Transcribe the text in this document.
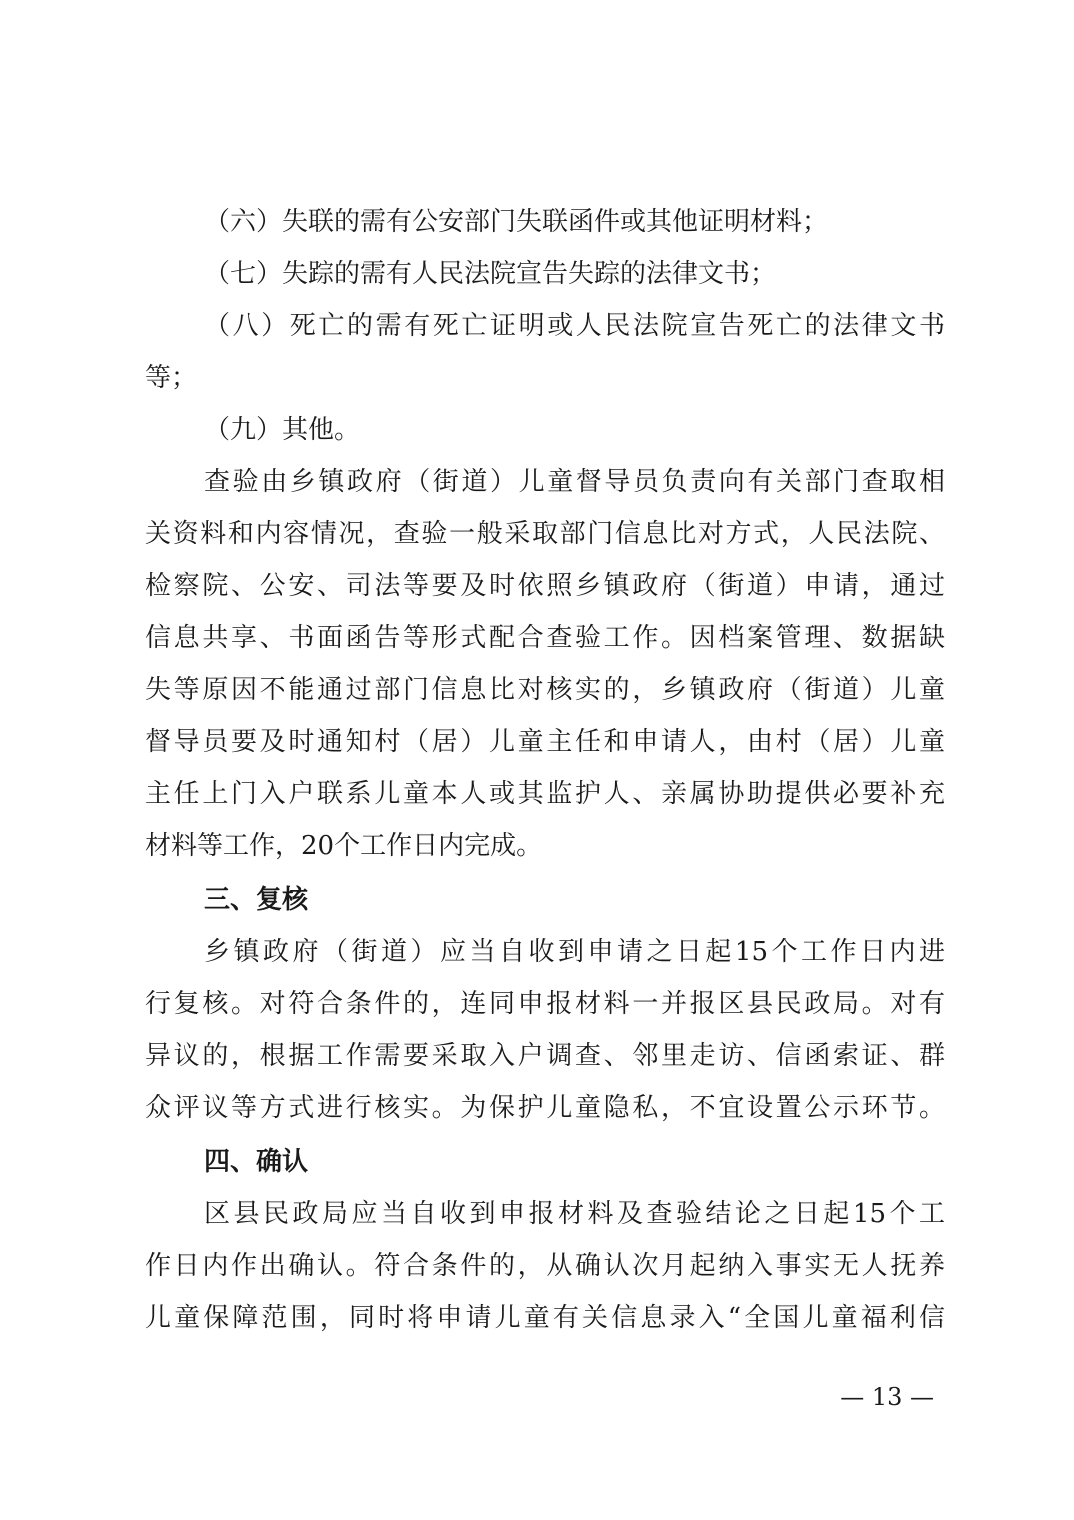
（六）失联的需有公安部门失联函件或其他证明材料；
（七）失踪的需有人民法院宣告失踪的法律文书；
（八）死亡的需有死亡证明或人民法院宣告死亡的法律文书
等；
（九）其他。
查验由乡镇政府（街道）儿童督导员负责向有关部门查取相
关资料和内容情况，查验一般采取部门信息比对方式，人民法院、
检察院、公安、司法等要及时依照乡镇政府（街道）申请，通过
信息共享、书面函告等形式配合查验工作。因档案管理、数据缺
失等原因不能通过部门信息比对核实的，乡镇政府（街道）儿童
督导员要及时通知村（居）儿童主任和申请人，由村（居）儿童
主任上门入户联系儿童本人或其监护人、亲属协助提供必要补充
材料等工作，20个工作日内完成。
三、复核
乡镇政府（街道）应当自收到申请之日起15个工作日内进
行复核。对符合条件的，连同申报材料一并报区县民政局。对有
异议的，根据工作需要采取入户调查、邻里走访、信函索证、群
众评议等方式进行核实。为保护儿童隐私，不宜设置公示环节。
四、确认
区县民政局应当自收到申报材料及查验结论之日起15个工
作日内作出确认。符合条件的，从确认次月起纳入事实无人抚养
儿童保障范围，同时将申请儿童有关信息录入“全国儿童福利信
— 13 —
